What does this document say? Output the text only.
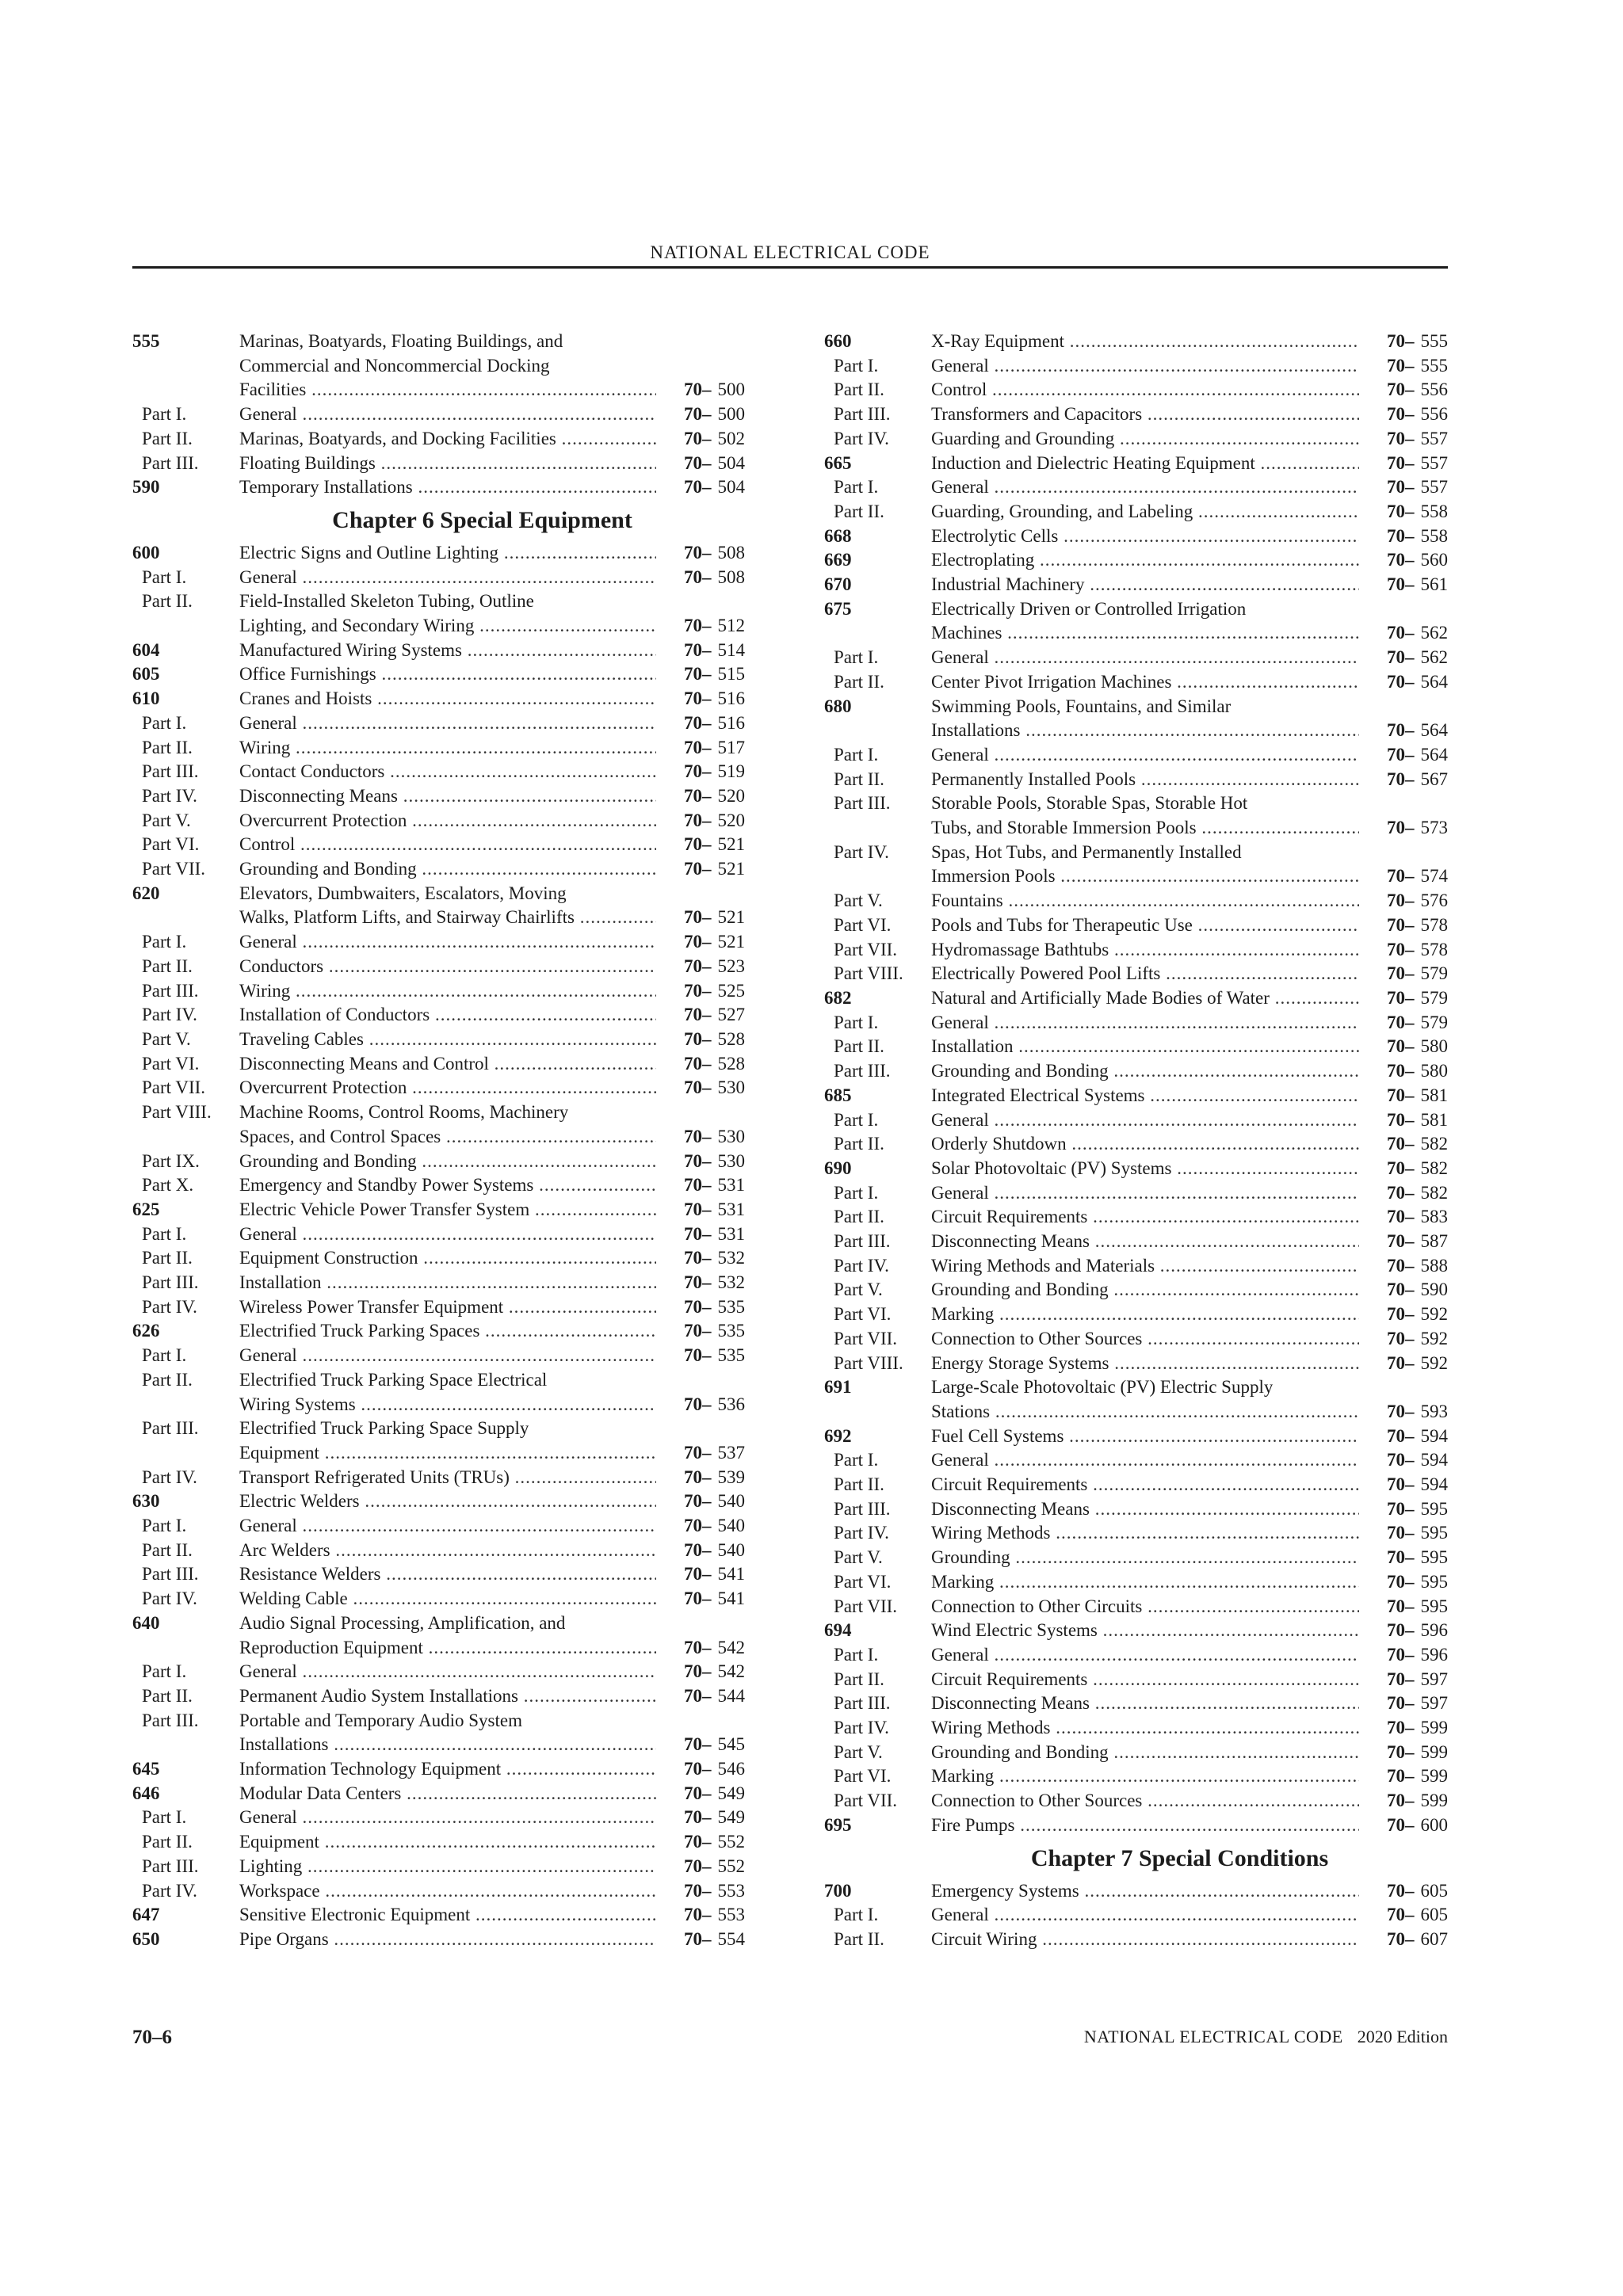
NATIONAL ELECTRICAL CODE
555	Marinas, Boatyards, Floating Buildings, and
Commercial and Noncommercial Docking
Facilities .....	70– 500
Part I.	General .....	70– 500
Part II.	Marinas, Boatyards, and Docking Facilities .....	70– 502
Part III.	Floating Buildings .....	70– 504
590	Temporary Installations .....	70– 504
Chapter 6 Special Equipment
600	Electric Signs and Outline Lighting .....	70– 508
Part I.	General .....	70– 508
Part II.	Field-Installed Skeleton Tubing, Outline
Lighting, and Secondary Wiring .....	70– 512
604	Manufactured Wiring Systems .....	70– 514
605	Office Furnishings .....	70– 515
610	Cranes and Hoists .....	70– 516
Part I.	General .....	70– 516
Part II.	Wiring .....	70– 517
Part III.	Contact Conductors .....	70– 519
Part IV.	Disconnecting Means .....	70– 520
Part V.	Overcurrent Protection .....	70– 520
Part VI.	Control .....	70– 521
Part VII.	Grounding and Bonding .....	70– 521
620	Elevators, Dumbwaiters, Escalators, Moving
Walks, Platform Lifts, and Stairway Chairlifts .....	70– 521
Part I.	General .....	70– 521
Part II.	Conductors .....	70– 523
Part III.	Wiring .....	70– 525
Part IV.	Installation of Conductors .....	70– 527
Part V.	Traveling Cables .....	70– 528
Part VI.	Disconnecting Means and Control .....	70– 528
Part VII.	Overcurrent Protection .....	70– 530
Part VIII.	Machine Rooms, Control Rooms, Machinery
Spaces, and Control Spaces .....	70– 530
Part IX.	Grounding and Bonding .....	70– 530
Part X.	Emergency and Standby Power Systems .....	70– 531
625	Electric Vehicle Power Transfer System .....	70– 531
Part I.	General .....	70– 531
Part II.	Equipment Construction .....	70– 532
Part III.	Installation .....	70– 532
Part IV.	Wireless Power Transfer Equipment .....	70– 535
626	Electrified Truck Parking Spaces .....	70– 535
Part I.	General .....	70– 535
Part II.	Electrified Truck Parking Space Electrical
Wiring Systems .....	70– 536
Part III.	Electrified Truck Parking Space Supply
Equipment .....	70– 537
Part IV.	Transport Refrigerated Units (TRUs) .....	70– 539
630	Electric Welders .....	70– 540
Part I.	General .....	70– 540
Part II.	Arc Welders .....	70– 540
Part III.	Resistance Welders .....	70– 541
Part IV.	Welding Cable .....	70– 541
640	Audio Signal Processing, Amplification, and
Reproduction Equipment .....	70– 542
Part I.	General .....	70– 542
Part II.	Permanent Audio System Installations .....	70– 544
Part III.	Portable and Temporary Audio System
Installations .....	70– 545
645	Information Technology Equipment .....	70– 546
646	Modular Data Centers .....	70– 549
Part I.	General .....	70– 549
Part II.	Equipment .....	70– 552
Part III.	Lighting .....	70– 552
Part IV.	Workspace .....	70– 553
647	Sensitive Electronic Equipment .....	70– 553
650	Pipe Organs .....	70– 554
660	X-Ray Equipment .....	70– 555
Part I.	General .....	70– 555
Part II.	Control .....	70– 556
Part III.	Transformers and Capacitors .....	70– 556
Part IV.	Guarding and Grounding .....	70– 557
665	Induction and Dielectric Heating Equipment .....	70– 557
Part I.	General .....	70– 557
Part II.	Guarding, Grounding, and Labeling .....	70– 558
668	Electrolytic Cells .....	70– 558
669	Electroplating .....	70– 560
670	Industrial Machinery .....	70– 561
675	Electrically Driven or Controlled Irrigation
Machines .....	70– 562
Part I.	General .....	70– 562
Part II.	Center Pivot Irrigation Machines .....	70– 564
680	Swimming Pools, Fountains, and Similar
Installations .....	70– 564
Part I.	General .....	70– 564
Part II.	Permanently Installed Pools .....	70– 567
Part III.	Storable Pools, Storable Spas, Storable Hot
Tubs, and Storable Immersion Pools .....	70– 573
Part IV.	Spas, Hot Tubs, and Permanently Installed
Immersion Pools .....	70– 574
Part V.	Fountains .....	70– 576
Part VI.	Pools and Tubs for Therapeutic Use .....	70– 578
Part VII.	Hydromassage Bathtubs .....	70– 578
Part VIII.	Electrically Powered Pool Lifts .....	70– 579
682	Natural and Artificially Made Bodies of Water .....	70– 579
Part I.	General .....	70– 579
Part II.	Installation .....	70– 580
Part III.	Grounding and Bonding .....	70– 580
685	Integrated Electrical Systems .....	70– 581
Part I.	General .....	70– 581
Part II.	Orderly Shutdown .....	70– 582
690	Solar Photovoltaic (PV) Systems .....	70– 582
Part I.	General .....	70– 582
Part II.	Circuit Requirements .....	70– 583
Part III.	Disconnecting Means .....	70– 587
Part IV.	Wiring Methods and Materials .....	70– 588
Part V.	Grounding and Bonding .....	70– 590
Part VI.	Marking .....	70– 592
Part VII.	Connection to Other Sources .....	70– 592
Part VIII.	Energy Storage Systems .....	70– 592
691	Large-Scale Photovoltaic (PV) Electric Supply
Stations .....	70– 593
692	Fuel Cell Systems .....	70– 594
Part I.	General .....	70– 594
Part II.	Circuit Requirements .....	70– 594
Part III.	Disconnecting Means .....	70– 595
Part IV.	Wiring Methods .....	70– 595
Part V.	Grounding .....	70– 595
Part VI.	Marking .....	70– 595
Part VII.	Connection to Other Circuits .....	70– 595
694	Wind Electric Systems .....	70– 596
Part I.	General .....	70– 596
Part II.	Circuit Requirements .....	70– 597
Part III.	Disconnecting Means .....	70– 597
Part IV.	Wiring Methods .....	70– 599
Part V.	Grounding and Bonding .....	70– 599
Part VI.	Marking .....	70– 599
Part VII.	Connection to Other Sources .....	70– 599
695	Fire Pumps .....	70– 600
Chapter 7 Special Conditions
700	Emergency Systems .....	70– 605
Part I.	General .....	70– 605
Part II.	Circuit Wiring .....	70– 607
70–6	NATIONAL ELECTRICAL CODE 2020 Edition
